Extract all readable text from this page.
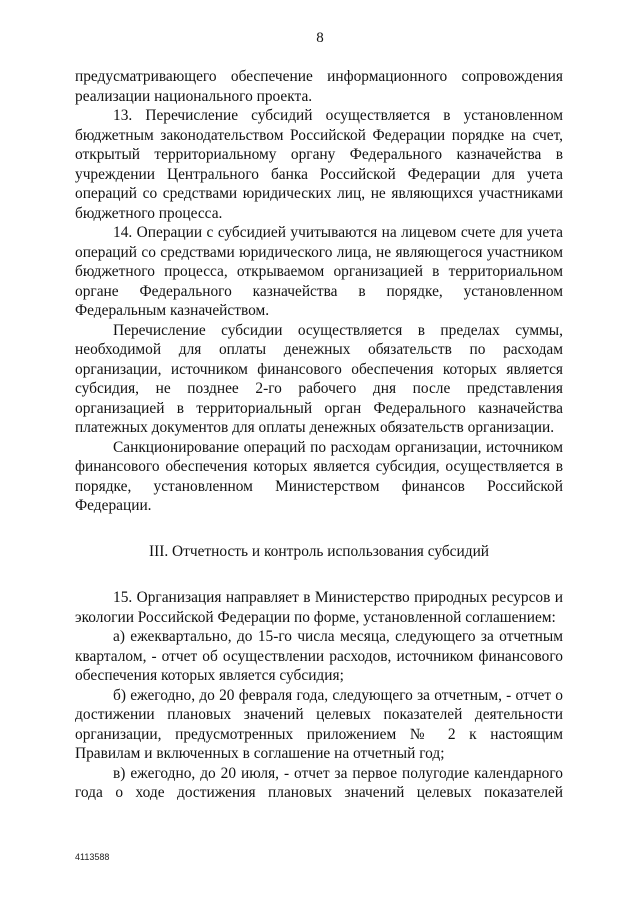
8

предусматривающего обеспечение информационного сопровождения реализации национального проекта.

13. Перечисление субсидий осуществляется в установленном бюджетным законодательством Российской Федерации порядке на счет, открытый территориальному органу Федерального казначейства в учреждении Центрального банка Российской Федерации для учета операций со средствами юридических лиц, не являющихся участниками бюджетного процесса.

14. Операции с субсидией учитываются на лицевом счете для учета операций со средствами юридического лица, не являющегося участником бюджетного процесса, открываемом организацией в территориальном органе Федерального казначейства в порядке, установленном Федеральным казначейством.

Перечисление субсидии осуществляется в пределах суммы, необходимой для оплаты денежных обязательств по расходам организации, источником финансового обеспечения которых является субсидия, не позднее 2-го рабочего дня после представления организацией в территориальный орган Федерального казначейства платежных документов для оплаты денежных обязательств организации.

Санкционирование операций по расходам организации, источником финансового обеспечения которых является субсидия, осуществляется в порядке, установленном Министерством финансов Российской Федерации.

III. Отчетность и контроль использования субсидий

15. Организация направляет в Министерство природных ресурсов и экологии Российской Федерации по форме, установленной соглашением:

а) ежеквартально, до 15-го числа месяца, следующего за отчетным кварталом, - отчет об осуществлении расходов, источником финансового обеспечения которых является субсидия;

б) ежегодно, до 20 февраля года, следующего за отчетным, - отчет о достижении плановых значений целевых показателей деятельности организации, предусмотренных приложением № 2 к настоящим Правилам и включенных в соглашение на отчетный год;

в) ежегодно, до 20 июля, - отчет за первое полугодие календарного года о ходе достижения плановых значений целевых показателей

4113588
